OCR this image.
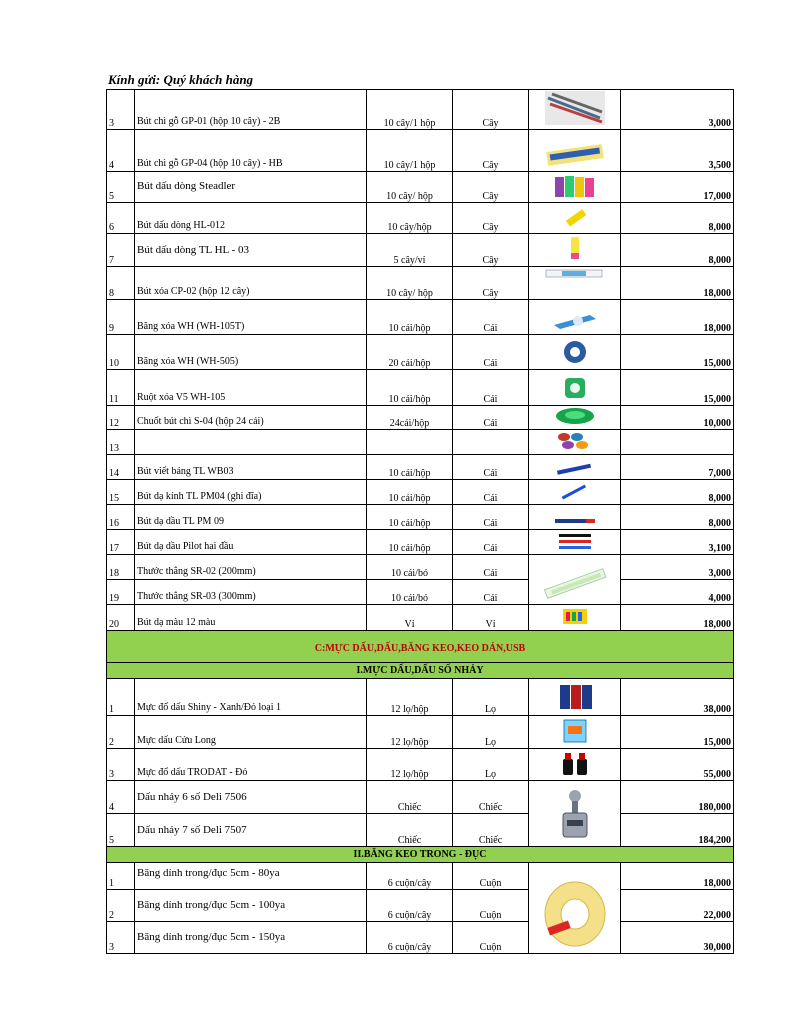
Kính gửi: Quý khách hàng
3	Bút chì gỗ GP-01 (hộp 10 cây) - 2B	10 cây/1 hộp	Cây		3,000
4	Bút chì gỗ GP-04 (hộp 10 cây) - HB	10 cây/1 hộp	Cây		3,500
5	Bút dấu dòng Steadler	10 cây/ hộp	Cây		17,000
6	Bút dấu dòng HL-012	10 cây/hộp	Cây		8,000
7	Bút dấu dòng TL HL - 03	5 cây/vỉ	Cây		8,000
8	Bút xóa CP-02 (hộp 12 cây)	10 cây/ hộp	Cây		18,000
9	Băng xóa WH (WH-105T)	10 cái/hộp	Cái		18,000
10	Băng xóa WH (WH-505)	20 cái/hộp	Cái		15,000
11	Ruột xóa V5 WH-105	10 cái/hộp	Cái		15,000
12	Chuốt bút chì S-04 (hộp 24 cái)	24cái/hộp	Cái		10,000
13	

14	Bút viết bảng TL WB03	10 cái/hộp	Cái		7,000
15	Bút dạ kính TL PM04 (ghi đĩa)	10 cái/hộp	Cái		8,000
16	Bút dạ dầu TL PM 09	10 cái/hộp	Cái		8,000
17	Bút dạ dầu Pilot hai đầu	10 cái/hộp	Cái		3,100
18	Thước thẳng SR-02 (200mm)	10 cái/bó	Cái		3,000
19	Thước thẳng SR-03 (300mm)	10 cái/bó	Cái		4,000
20	Bút dạ màu 12 màu	Vỉ	Vỉ		18,000
C:MỰC DẤU,DẤU,BĂNG KEO,KEO DÁN,USB					
I.MỰC DẤU,DẤU SỐ NHẢY					
1	Mực đổ dấu Shiny - Xanh/Đỏ loại 1	12 lọ/hộp	Lọ		38,000
2	Mực dấu Cửu Long	12 lọ/hộp	Lọ		15,000
3	Mực đổ dấu TRODAT - Đỏ	12 lọ/hộp	Lọ		55,000
4	Dấu nhảy 6 số Deli 7506	Chiếc	Chiếc		180,000
5	Dấu nhảy 7 số Deli 7507	Chiếc	Chiếc		184,200
II.BĂNG KEO TRONG - ĐỤC					
1	Băng dính trong/đục 5cm - 80ya	6 cuộn/cây	Cuộn		18,000
2	Băng dính trong/đục 5cm - 100ya	6 cuộn/cây	Cuộn		22,000
3	Băng dính trong/đục 5cm - 150ya	6 cuộn/cây	Cuộn		30,000
